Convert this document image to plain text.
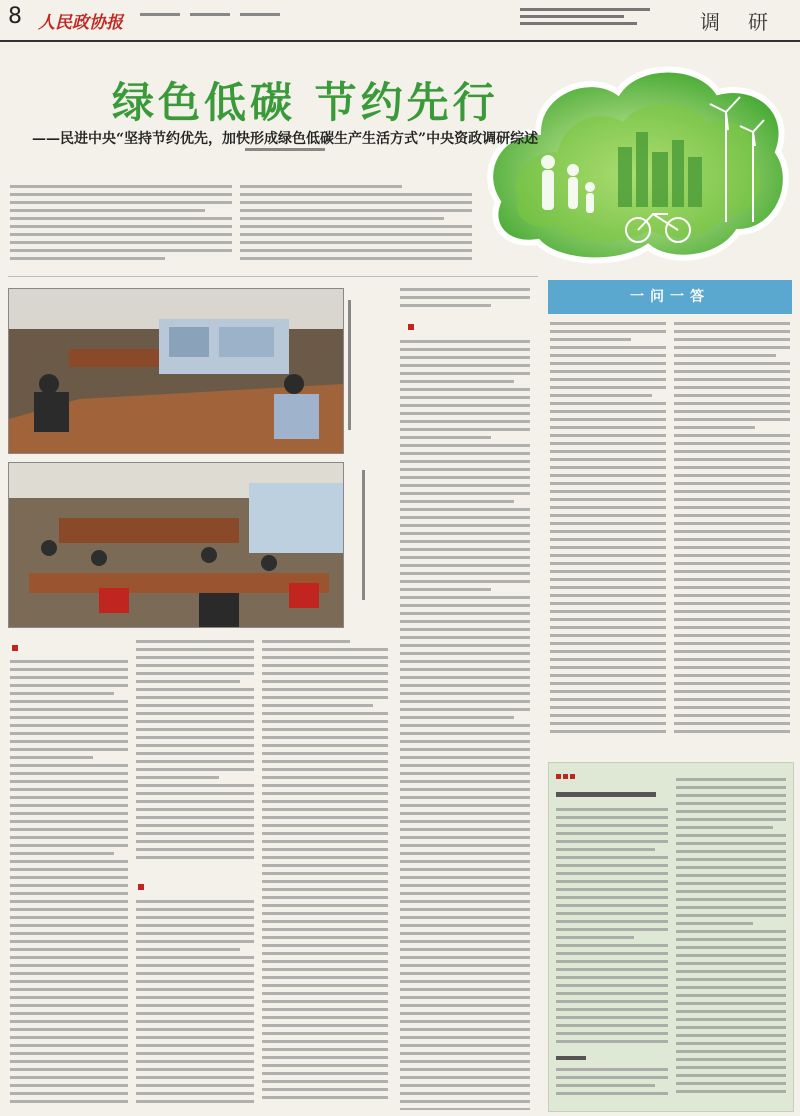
8 人民政协报	调研
绿色低碳 节约先行
——民进中央“坚持节约优先，加快形成绿色低碳生产生活方式”中央资政调研综述
一问一答
